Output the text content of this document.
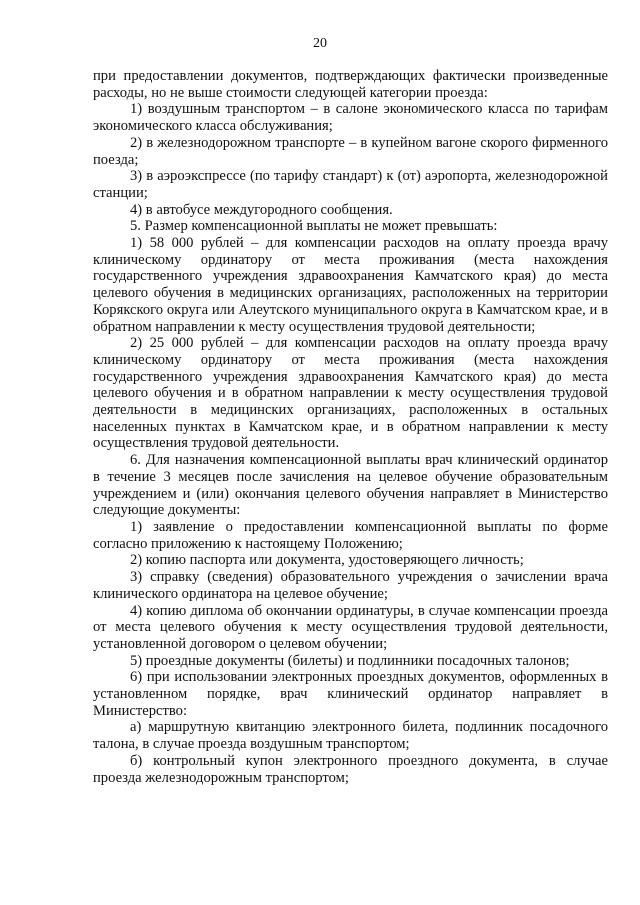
20

при предоставлении документов, подтверждающих фактически произведенные расходы, но не выше стоимости следующей категории проезда:

1) воздушным транспортом – в салоне экономического класса по тарифам экономического класса обслуживания;

2) в железнодорожном транспорте – в купейном вагоне скорого фирменного поезда;

3) в аэроэкспрессе (по тарифу стандарт) к (от) аэропорта, железнодорожной станции;

4) в автобусе междугородного сообщения.

5. Размер компенсационной выплаты не может превышать:

1) 58 000 рублей – для компенсации расходов на оплату проезда врачу клиническому ординатору от места проживания (места нахождения государственного учреждения здравоохранения Камчатского края) до места целевого обучения в медицинских организациях, расположенных на территории Корякского округа или Алеутского муниципального округа в Камчатском крае, и в обратном направлении к месту осуществления трудовой деятельности;

2) 25 000 рублей – для компенсации расходов на оплату проезда врачу клиническому ординатору от места проживания (места нахождения государственного учреждения здравоохранения Камчатского края) до места целевого обучения и в обратном направлении к месту осуществления трудовой деятельности в медицинских организациях, расположенных в остальных населенных пунктах в Камчатском крае, и в обратном направлении к месту осуществления трудовой деятельности.

6. Для назначения компенсационной выплаты врач клинический ординатор в течение 3 месяцев после зачисления на целевое обучение образовательным учреждением и (или) окончания целевого обучения направляет в Министерство следующие документы:

1) заявление о предоставлении компенсационной выплаты по форме согласно приложению к настоящему Положению;

2) копию паспорта или документа, удостоверяющего личность;

3) справку (сведения) образовательного учреждения о зачислении врача клинического ординатора на целевое обучение;

4) копию диплома об окончании ординатуры, в случае компенсации проезда от места целевого обучения к месту осуществления трудовой деятельности, установленной договором о целевом обучении;

5) проездные документы (билеты) и подлинники посадочных талонов;

6) при использовании электронных проездных документов, оформленных в установленном порядке, врач клинический ординатор направляет в Министерство:

а) маршрутную квитанцию электронного билета, подлинник посадочного талона, в случае проезда воздушным транспортом;

б) контрольный купон электронного проездного документа, в случае проезда железнодорожным транспортом;
